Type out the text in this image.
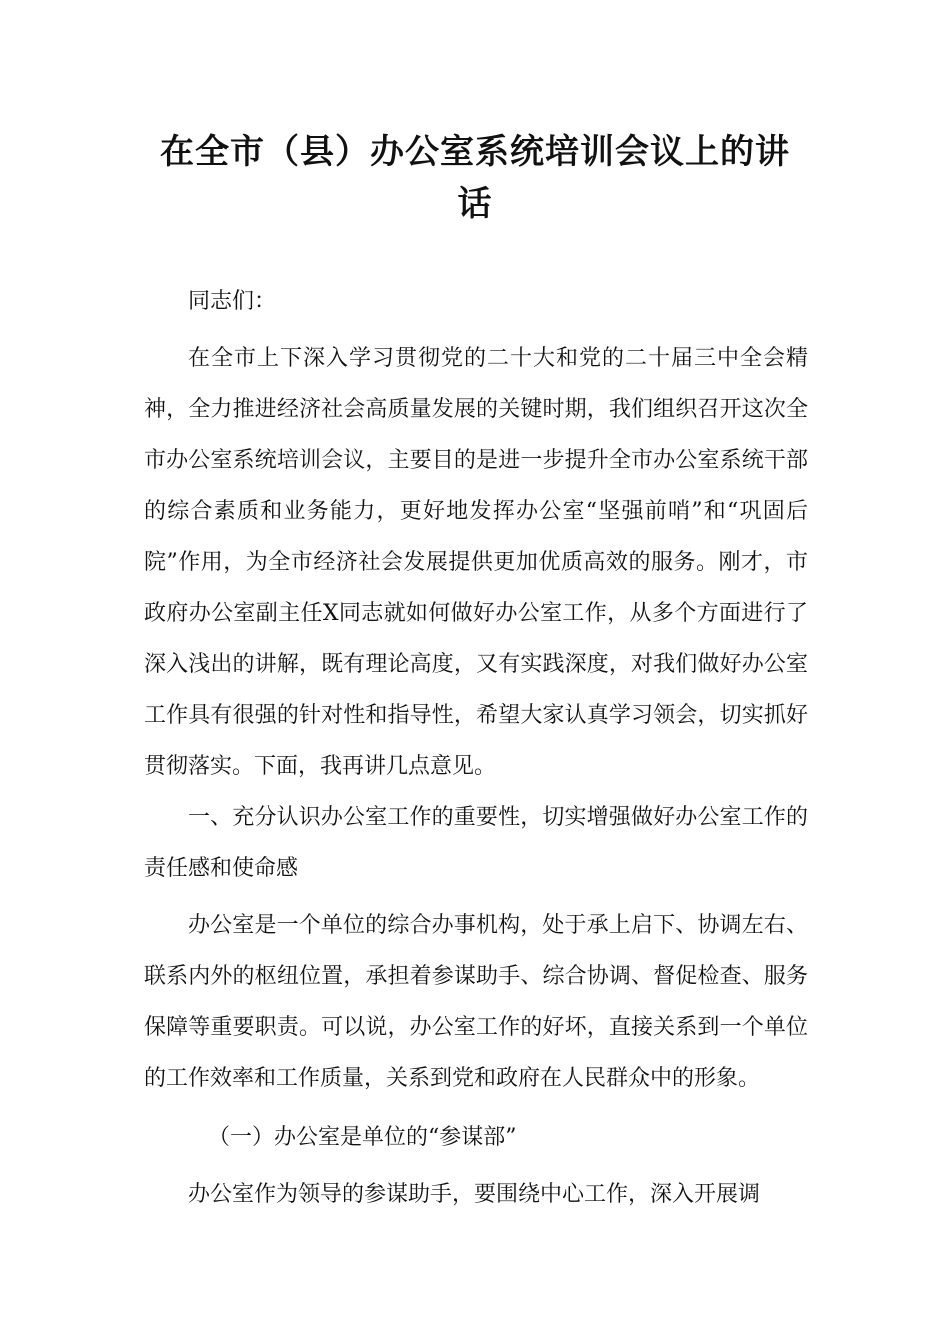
在全市（县）办公室系统培训会议上的讲
话

同志们：

在全市上下深入学习贯彻党的二十大和党的二十届三中全会精神，全力推进经济社会高质量发展的关键时期，我们组织召开这次全市办公室系统培训会议，主要目的是进一步提升全市办公室系统干部的综合素质和业务能力，更好地发挥办公室“坚强前哨”和“巩固后院”作用，为全市经济社会发展提供更加优质高效的服务。刚才，市政府办公室副主任X同志就如何做好办公室工作，从多个方面进行了深入浅出的讲解，既有理论高度，又有实践深度，对我们做好办公室工作具有很强的针对性和指导性，希望大家认真学习领会，切实抓好贯彻落实。下面，我再讲几点意见。

一、充分认识办公室工作的重要性，切实增强做好办公室工作的责任感和使命感

办公室是一个单位的综合办事机构，处于承上启下、协调左右、联系内外的枢纽位置，承担着参谋助手、综合协调、督促检查、服务保障等重要职责。可以说，办公室工作的好坏，直接关系到一个单位的工作效率和工作质量，关系到党和政府在人民群众中的形象。

（一）办公室是单位的“参谋部”

办公室作为领导的参谋助手，要围绕中心工作，深入开展调
